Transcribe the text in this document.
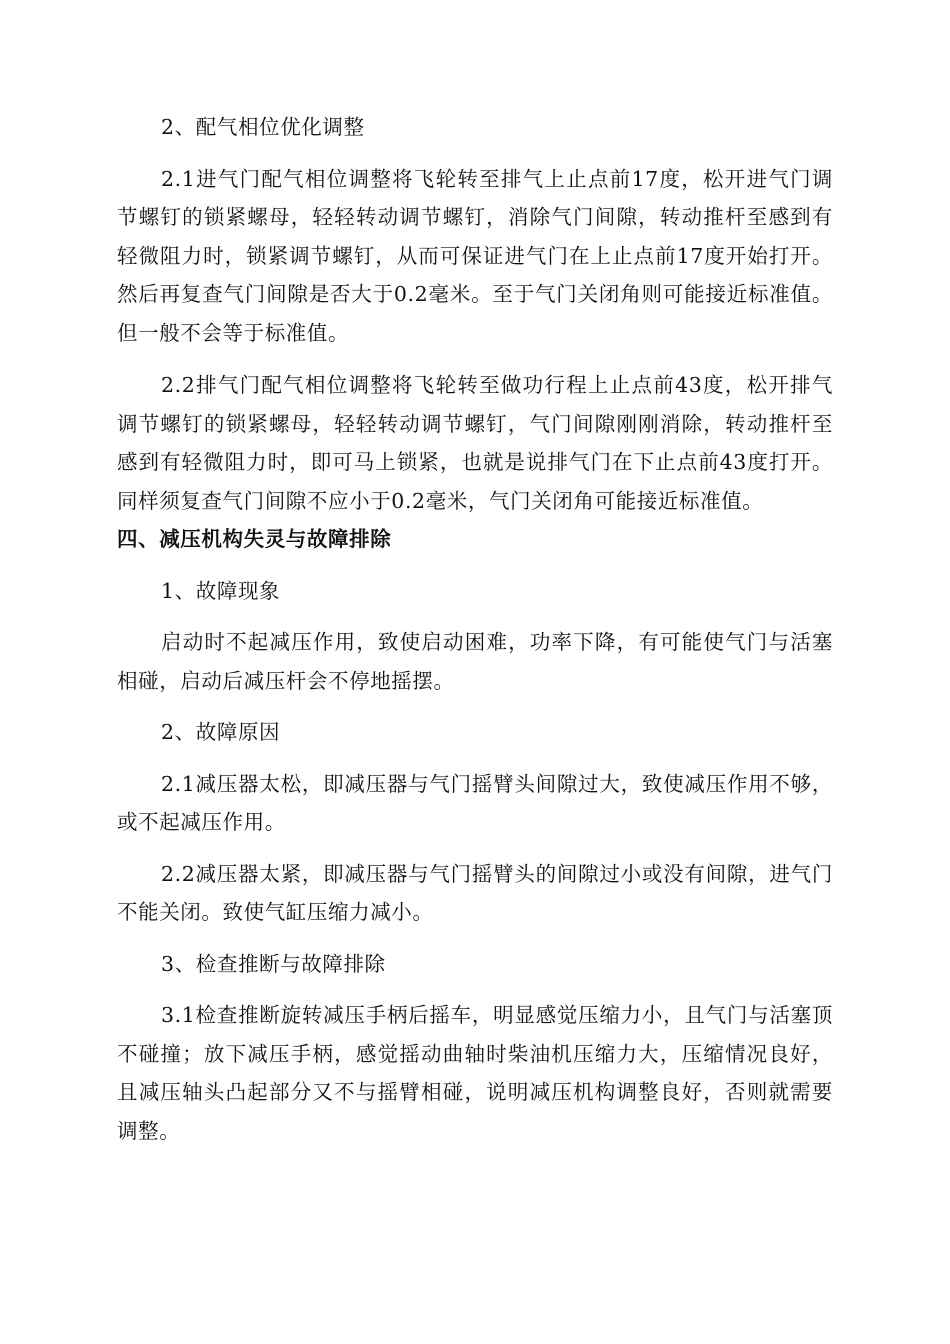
2、配气相位优化调整

2.1进气门配气相位调整将飞轮转至排气上止点前17度，松开进气门调节螺钉的锁紧螺母，轻轻转动调节螺钉，消除气门间隙，转动推杆至感到有轻微阻力时，锁紧调节螺钉，从而可保证进气门在上止点前17度开始打开。然后再复查气门间隙是否大于0.2毫米。至于气门关闭角则可能接近标准值。但一般不会等于标准值。

2.2排气门配气相位调整将飞轮转至做功行程上止点前43度，松开排气调节螺钉的锁紧螺母，轻轻转动调节螺钉，气门间隙刚刚消除，转动推杆至感到有轻微阻力时，即可马上锁紧，也就是说排气门在下止点前43度打开。同样须复查气门间隙不应小于0.2毫米，气门关闭角可能接近标准值。

四、减压机构失灵与故障排除

1、故障现象

启动时不起减压作用，致使启动困难，功率下降，有可能使气门与活塞相碰，启动后减压杆会不停地摇摆。

2、故障原因

2.1减压器太松，即减压器与气门摇臂头间隙过大，致使减压作用不够，或不起减压作用。

2.2减压器太紧，即减压器与气门摇臂头的间隙过小或没有间隙，进气门不能关闭。致使气缸压缩力减小。

3、检查推断与故障排除

3.1检查推断旋转减压手柄后摇车，明显感觉压缩力小，且气门与活塞顶不碰撞；放下减压手柄，感觉摇动曲轴时柴油机压缩力大，压缩情况良好，且减压轴头凸起部分又不与摇臂相碰，说明减压机构调整良好，否则就需要调整。
